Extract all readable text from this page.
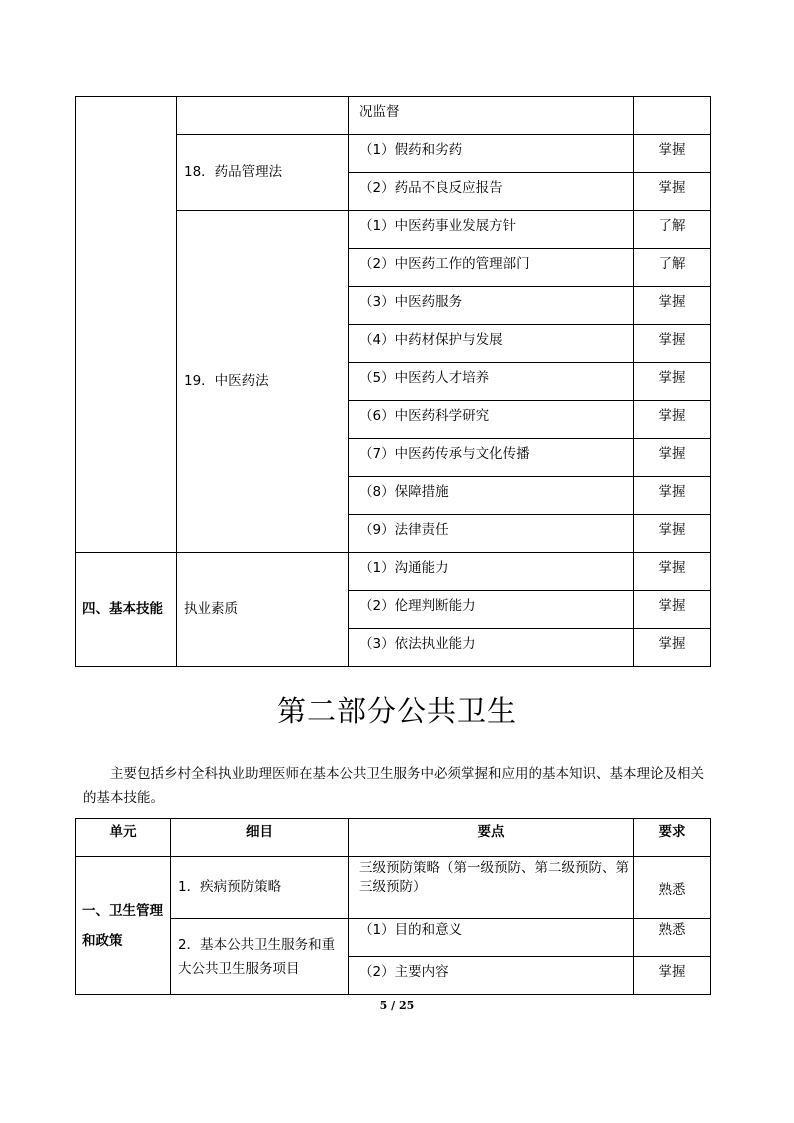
		况监督	
	18．药品管理法	（1）假药和劣药	掌握
		（2）药品不良反应报告	掌握
	19．中医药法	（1）中医药事业发展方针	了解
		（2）中医药工作的管理部门	了解
		（3）中医药服务	掌握
		（4）中药材保护与发展	掌握
		（5）中医药人才培养	掌握
		（6）中医药科学研究	掌握
		（7）中医药传承与文化传播	掌握
		（8）保障措施	掌握
		（9）法律责任	掌握
四、基本技能	执业素质	（1）沟通能力	掌握
		（2）伦理判断能力	掌握
		（3）依法执业能力	掌握
第二部分公共卫生

主要包括乡村全科执业助理医师在基本公共卫生服务中必须掌握和应用的基本知识、基本理论及相关的基本技能。

单元	细目	要点	要求
一、卫生管理和政策	1．疾病预防策略	三级预防策略（第一级预防、第二级预防、第三级预防）	熟悉
	2．基本公共卫生服务和重大公共卫生服务项目	（1）目的和意义	熟悉
		（2）主要内容	掌握
5 / 25
